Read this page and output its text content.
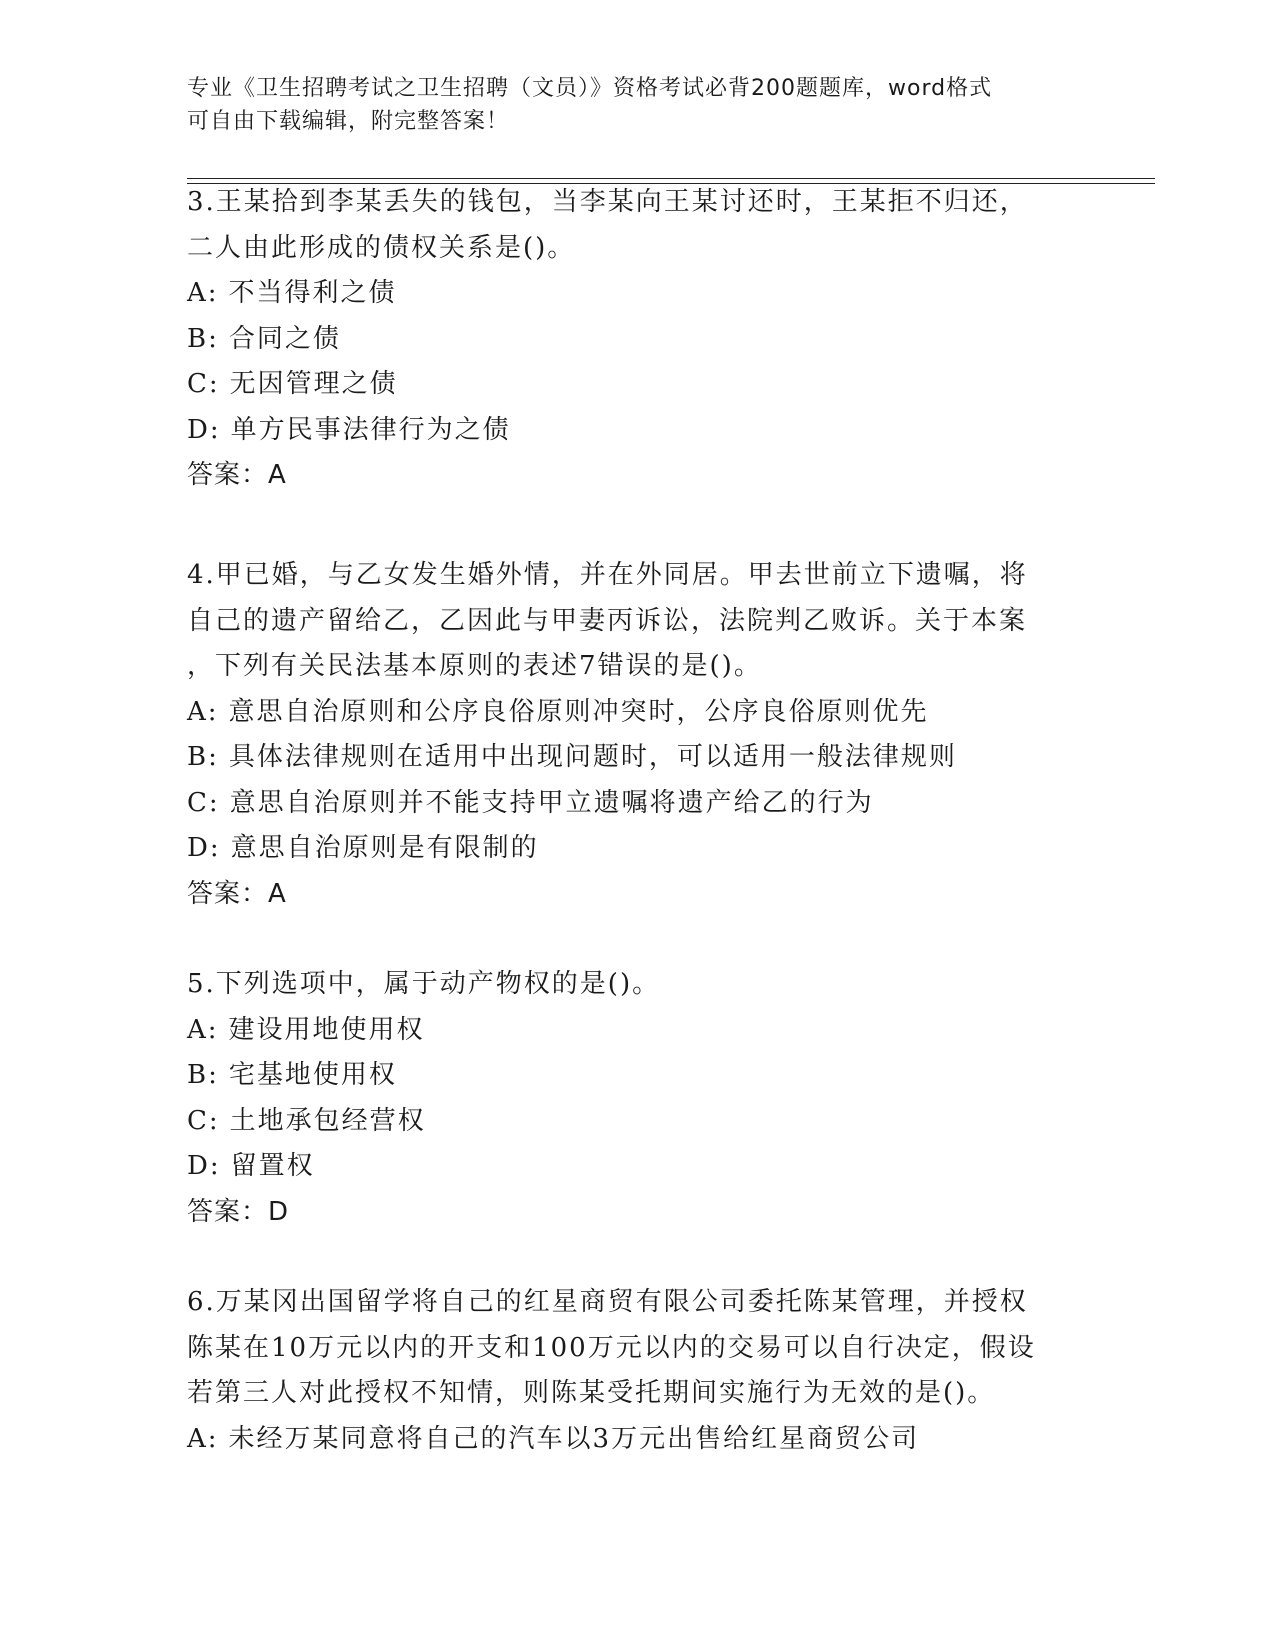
专业《卫生招聘考试之卫生招聘（文员）》资格考试必背200题题库，word格式
可自由下载编辑，附完整答案！
3.王某拾到李某丢失的钱包，当李某向王某讨还时，王某拒不归还，
二人由此形成的债权关系是()。
A: 不当得利之债
B: 合同之债
C: 无因管理之债
D: 单方民事法律行为之债
答案：A
4.甲已婚，与乙女发生婚外情，并在外同居。甲去世前立下遗嘱，将
自己的遗产留给乙，乙因此与甲妻丙诉讼，法院判乙败诉。关于本案
，下列有关民法基本原则的表述7错误的是()。
A: 意思自治原则和公序良俗原则冲突时，公序良俗原则优先
B: 具体法律规则在适用中出现问题时，可以适用一般法律规则
C: 意思自治原则并不能支持甲立遗嘱将遗产给乙的行为
D: 意思自治原则是有限制的
答案：A
5.下列选项中，属于动产物权的是()。
A: 建设用地使用权
B: 宅基地使用权
C: 土地承包经营权
D: 留置权
答案：D
6.万某冈出国留学将自己的红星商贸有限公司委托陈某管理，并授权
陈某在10万元以内的开支和100万元以内的交易可以自行决定，假设
若第三人对此授权不知情，则陈某受托期间实施行为无效的是()。
A: 未经万某同意将自己的汽车以3万元出售给红星商贸公司
